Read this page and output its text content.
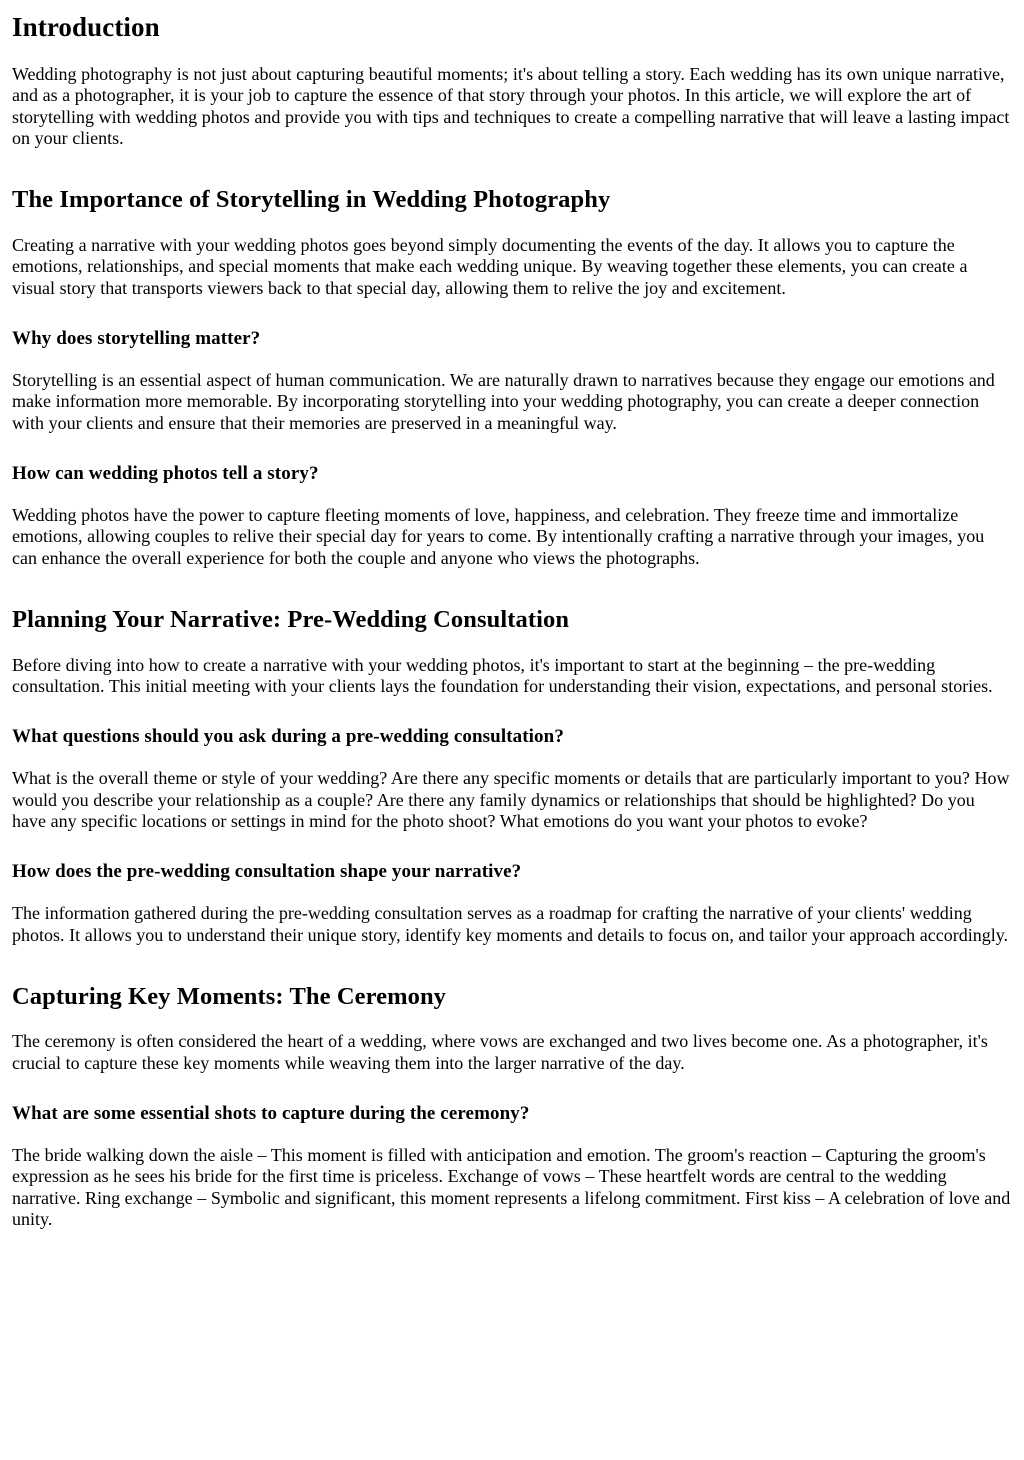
Introduction

Wedding photography is not just about capturing beautiful moments; it's about telling a story. Each wedding has its own unique narrative, and as a photographer, it is your job to capture the essence of that story through your photos. In this article, we will explore the art of storytelling with wedding photos and provide you with tips and techniques to create a compelling narrative that will leave a lasting impact on your clients.

The Importance of Storytelling in Wedding Photography

Creating a narrative with your wedding photos goes beyond simply documenting the events of the day. It allows you to capture the emotions, relationships, and special moments that make each wedding unique. By weaving together these elements, you can create a visual story that transports viewers back to that special day, allowing them to relive the joy and excitement.

Why does storytelling matter?

Storytelling is an essential aspect of human communication. We are naturally drawn to narratives because they engage our emotions and make information more memorable. By incorporating storytelling into your wedding photography, you can create a deeper connection with your clients and ensure that their memories are preserved in a meaningful way.

How can wedding photos tell a story?

Wedding photos have the power to capture fleeting moments of love, happiness, and celebration. They freeze time and immortalize emotions, allowing couples to relive their special day for years to come. By intentionally crafting a narrative through your images, you can enhance the overall experience for both the couple and anyone who views the photographs.

Planning Your Narrative: Pre-Wedding Consultation

Before diving into how to create a narrative with your wedding photos, it's important to start at the beginning – the pre-wedding consultation. This initial meeting with your clients lays the foundation for understanding their vision, expectations, and personal stories.

What questions should you ask during a pre-wedding consultation?

What is the overall theme or style of your wedding? Are there any specific moments or details that are particularly important to you? How would you describe your relationship as a couple? Are there any family dynamics or relationships that should be highlighted? Do you have any specific locations or settings in mind for the photo shoot? What emotions do you want your photos to evoke?

How does the pre-wedding consultation shape your narrative?

The information gathered during the pre-wedding consultation serves as a roadmap for crafting the narrative of your clients' wedding photos. It allows you to understand their unique story, identify key moments and details to focus on, and tailor your approach accordingly.

Capturing Key Moments: The Ceremony

The ceremony is often considered the heart of a wedding, where vows are exchanged and two lives become one. As a photographer, it's crucial to capture these key moments while weaving them into the larger narrative of the day.

What are some essential shots to capture during the ceremony?

The bride walking down the aisle – This moment is filled with anticipation and emotion. The groom's reaction – Capturing the groom's expression as he sees his bride for the first time is priceless. Exchange of vows – These heartfelt words are central to the wedding narrative. Ring exchange – Symbolic and significant, this moment represents a lifelong commitment. First kiss – A celebration of love and unity.
